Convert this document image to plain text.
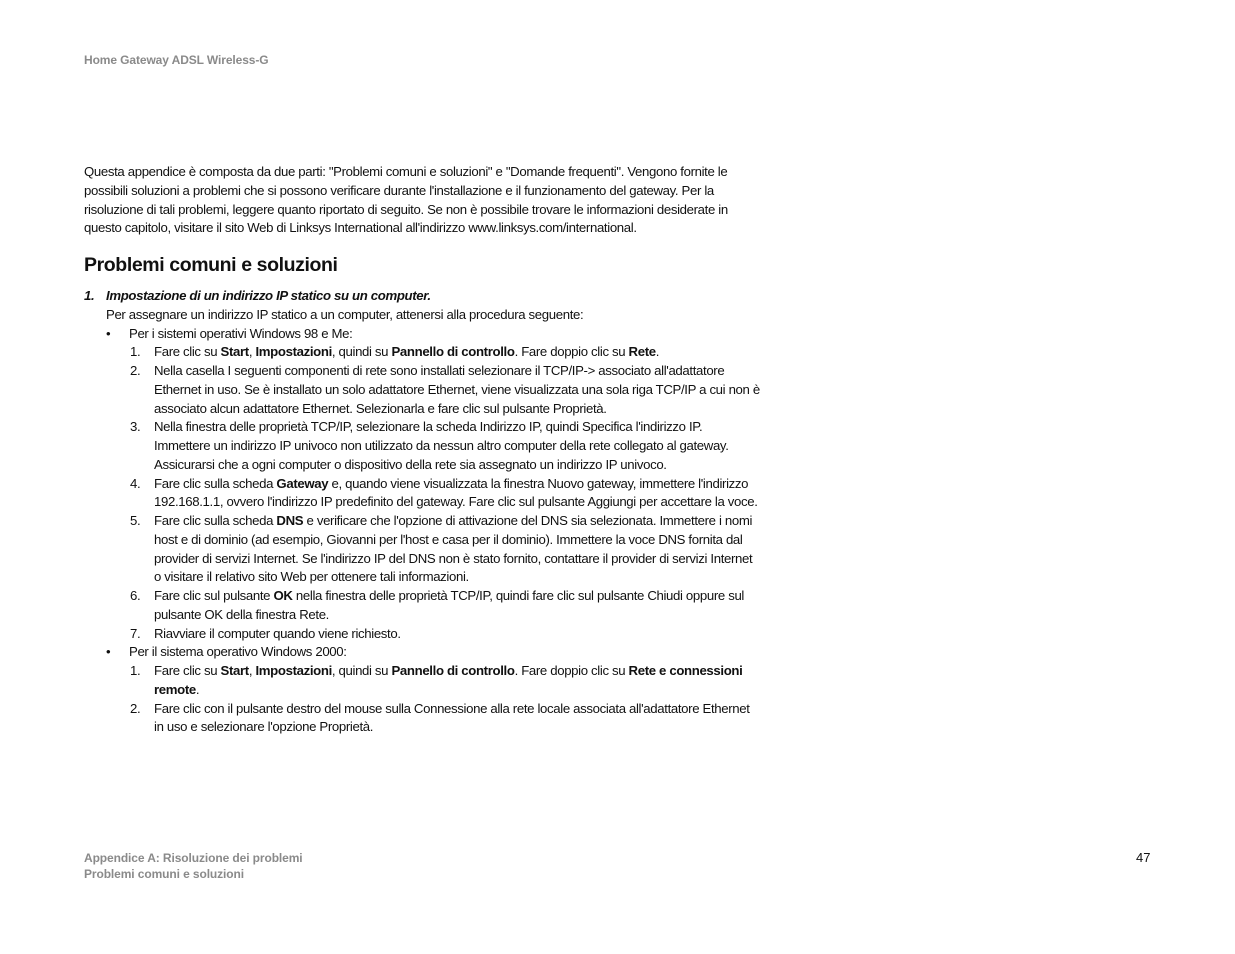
Home Gateway ADSL Wireless-G

Questa appendice è composta da due parti: "Problemi comuni e soluzioni" e "Domande frequenti". Vengono fornite le possibili soluzioni a problemi che si possono verificare durante l'installazione e il funzionamento del gateway. Per la risoluzione di tali problemi, leggere quanto riportato di seguito. Se non è possibile trovare le informazioni desiderate in questo capitolo, visitare il sito Web di Linksys International all'indirizzo www.linksys.com/international.

Problemi comuni e soluzioni

1. Impostazione di un indirizzo IP statico su un computer.

Per assegnare un indirizzo IP statico a un computer, attenersi alla procedura seguente:

• Per i sistemi operativi Windows 98 e Me:

1. Fare clic su Start, Impostazioni, quindi su Pannello di controllo. Fare doppio clic su Rete.

2. Nella casella I seguenti componenti di rete sono installati selezionare il TCP/IP-> associato all'adattatore Ethernet in uso. Se è installato un solo adattatore Ethernet, viene visualizzata una sola riga TCP/IP a cui non è associato alcun adattatore Ethernet. Selezionarla e fare clic sul pulsante Proprietà.

3. Nella finestra delle proprietà TCP/IP, selezionare la scheda Indirizzo IP, quindi Specifica l'indirizzo IP. Immettere un indirizzo IP univoco non utilizzato da nessun altro computer della rete collegato al gateway. Assicurarsi che a ogni computer o dispositivo della rete sia assegnato un indirizzo IP univoco.

4. Fare clic sulla scheda Gateway e, quando viene visualizzata la finestra Nuovo gateway, immettere l'indirizzo 192.168.1.1, ovvero l'indirizzo IP predefinito del gateway. Fare clic sul pulsante Aggiungi per accettare la voce.

5. Fare clic sulla scheda DNS e verificare che l'opzione di attivazione del DNS sia selezionata. Immettere i nomi host e di dominio (ad esempio, Giovanni per l'host e casa per il dominio). Immettere la voce DNS fornita dal provider di servizi Internet. Se l'indirizzo IP del DNS non è stato fornito, contattare il provider di servizi Internet o visitare il relativo sito Web per ottenere tali informazioni.

6. Fare clic sul pulsante OK nella finestra delle proprietà TCP/IP, quindi fare clic sul pulsante Chiudi oppure sul pulsante OK della finestra Rete.

7. Riavviare il computer quando viene richiesto.

• Per il sistema operativo Windows 2000:

1. Fare clic su Start, Impostazioni, quindi su Pannello di controllo. Fare doppio clic su Rete e connessioni remote.

2. Fare clic con il pulsante destro del mouse sulla Connessione alla rete locale associata all'adattatore Ethernet in uso e selezionare l'opzione Proprietà.

Appendice A: Risoluzione dei problemi
Problemi comuni e soluzioni
47
